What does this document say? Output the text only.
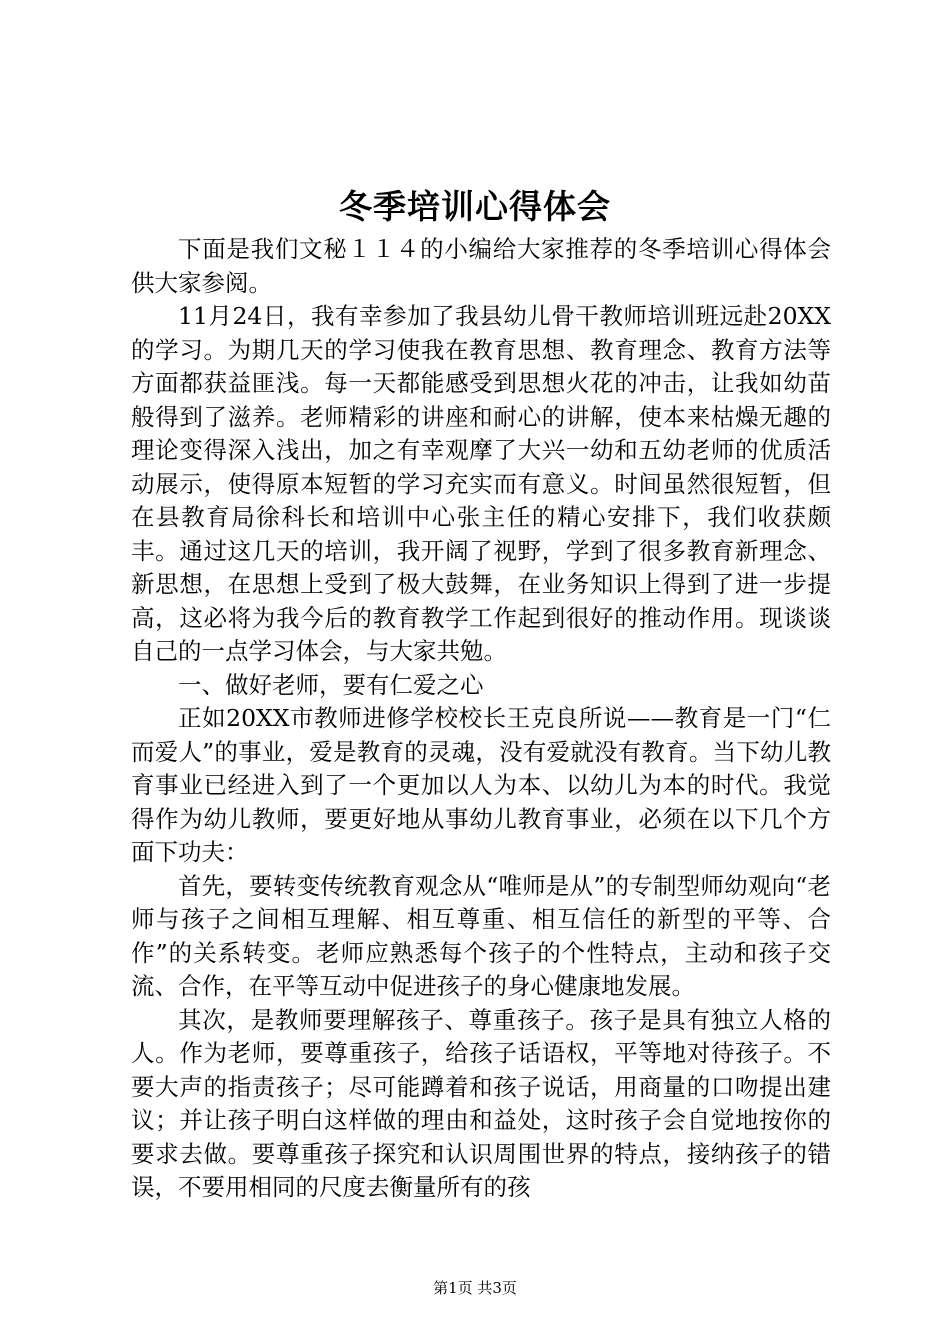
冬季培训心得体会

下面是我们文秘１１４的小编给大家推荐的冬季培训心得体会供大家参阅。

11月24日，我有幸参加了我县幼儿骨干教师培训班远赴20XX的学习。为期几天的学习使我在教育思想、教育理念、教育方法等方面都获益匪浅。每一天都能感受到思想火花的冲击，让我如幼苗般得到了滋养。老师精彩的讲座和耐心的讲解，使本来枯燥无趣的理论变得深入浅出，加之有幸观摩了大兴一幼和五幼老师的优质活动展示，使得原本短暂的学习充实而有意义。时间虽然很短暂，但在县教育局徐科长和培训中心张主任的精心安排下，我们收获颇丰。通过这几天的培训，我开阔了视野，学到了很多教育新理念、新思想，在思想上受到了极大鼓舞，在业务知识上得到了进一步提高，这必将为我今后的教育教学工作起到很好的推动作用。现谈谈自己的一点学习体会，与大家共勉。

一、做好老师，要有仁爱之心

正如20XX市教师进修学校校长王克良所说——教育是一门“仁而爱人”的事业，爱是教育的灵魂，没有爱就没有教育。当下幼儿教育事业已经进入到了一个更加以人为本、以幼儿为本的时代。我觉得作为幼儿教师，要更好地从事幼儿教育事业，必须在以下几个方面下功夫：

首先，要转变传统教育观念从“唯师是从”的专制型师幼观向“老师与孩子之间相互理解、相互尊重、相互信任的新型的平等、合作”的关系转变。老师应熟悉每个孩子的个性特点，主动和孩子交流、合作，在平等互动中促进孩子的身心健康地发展。

其次，是教师要理解孩子、尊重孩子。孩子是具有独立人格的人。作为老师，要尊重孩子，给孩子话语权，平等地对待孩子。不要大声的指责孩子；尽可能蹲着和孩子说话，用商量的口吻提出建议；并让孩子明白这样做的理由和益处，这时孩子会自觉地按你的要求去做。要尊重孩子探究和认识周围世界的特点，接纳孩子的错误，不要用相同的尺度去衡量所有的孩

第1页 共3页
